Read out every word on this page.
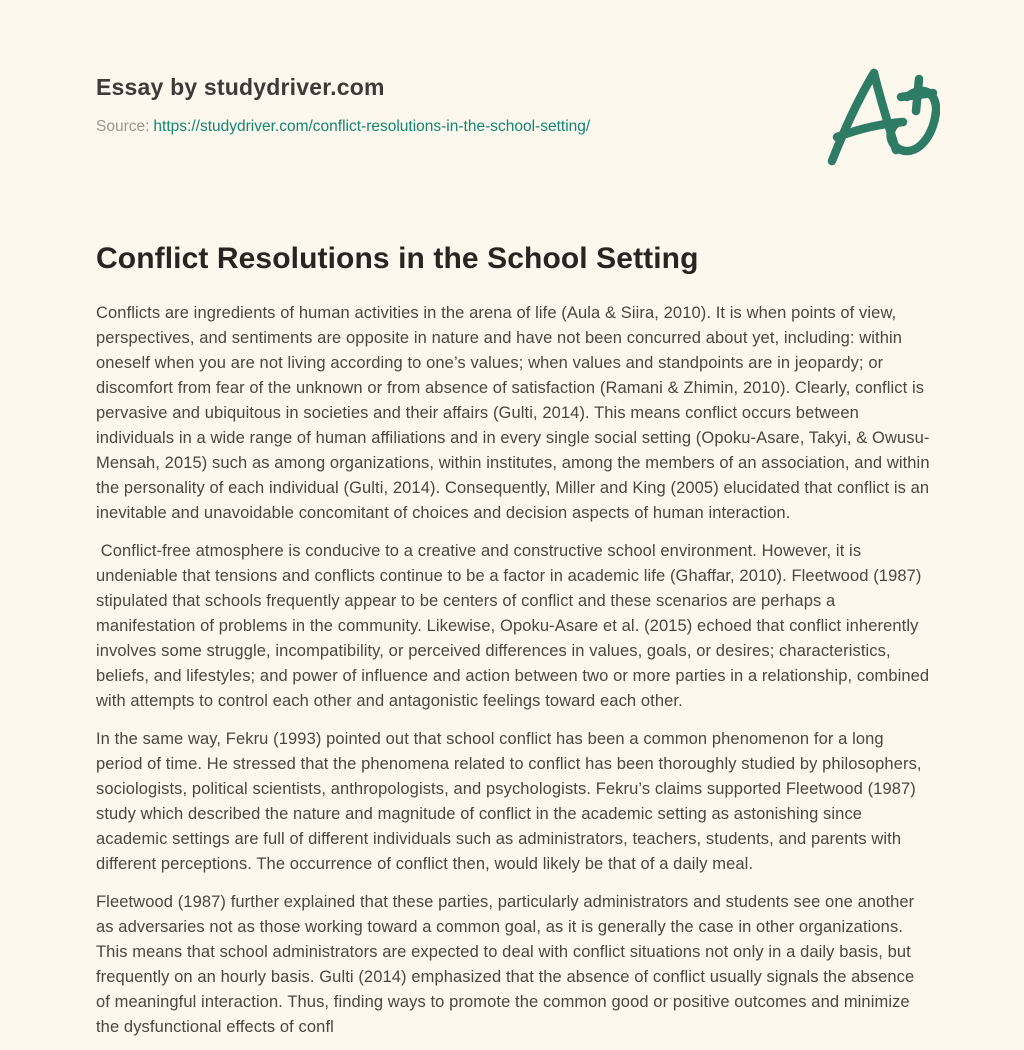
Essay by studydriver.com
Source: https://studydriver.com/conflict-resolutions-in-the-school-setting/
Conflict Resolutions in the School Setting

Conflicts are ingredients of human activities in the arena of life (Aula & Siira, 2010). It is when points of view, perspectives, and sentiments are opposite in nature and have not been concurred about yet, including: within oneself when you are not living according to one’s values; when values and standpoints are in jeopardy; or discomfort from fear of the unknown or from absence of satisfaction (Ramani & Zhimin, 2010). Clearly, conflict is pervasive and ubiquitous in societies and their affairs (Gulti, 2014). This means conflict occurs between individuals in a wide range of human affiliations and in every single social setting (Opoku-Asare, Takyi, & Owusu-Mensah, 2015) such as among organizations, within institutes, among the members of an association, and within the personality of each individual (Gulti, 2014). Consequently, Miller and King (2005) elucidated that conflict is an inevitable and unavoidable concomitant of choices and decision aspects of human interaction.

Conflict-free atmosphere is conducive to a creative and constructive school environment. However, it is undeniable that tensions and conflicts continue to be a factor in academic life (Ghaffar, 2010). Fleetwood (1987) stipulated that schools frequently appear to be centers of conflict and these scenarios are perhaps a manifestation of problems in the community. Likewise, Opoku-Asare et al. (2015) echoed that conflict inherently involves some struggle, incompatibility, or perceived differences in values, goals, or desires; characteristics, beliefs, and lifestyles; and power of influence and action between two or more parties in a relationship, combined with attempts to control each other and antagonistic feelings toward each other.

In the same way, Fekru (1993) pointed out that school conflict has been a common phenomenon for a long period of time. He stressed that the phenomena related to conflict has been thoroughly studied by philosophers, sociologists, political scientists, anthropologists, and psychologists. Fekru’s claims supported Fleetwood (1987) study which described the nature and magnitude of conflict in the academic setting as astonishing since academic settings are full of different individuals such as administrators, teachers, students, and parents with different perceptions. The occurrence of conflict then, would likely be that of a daily meal.

Fleetwood (1987) further explained that these parties, particularly administrators and students see one another as adversaries not as those working toward a common goal, as it is generally the case in other organizations. This means that school administrators are expected to deal with conflict situations not only in a daily basis, but frequently on an hourly basis. Gulti (2014) emphasized that the absence of conflict usually signals the absence of meaningful interaction. Thus, finding ways to promote the common good or positive outcomes and minimize the dysfunctional effects of confl
